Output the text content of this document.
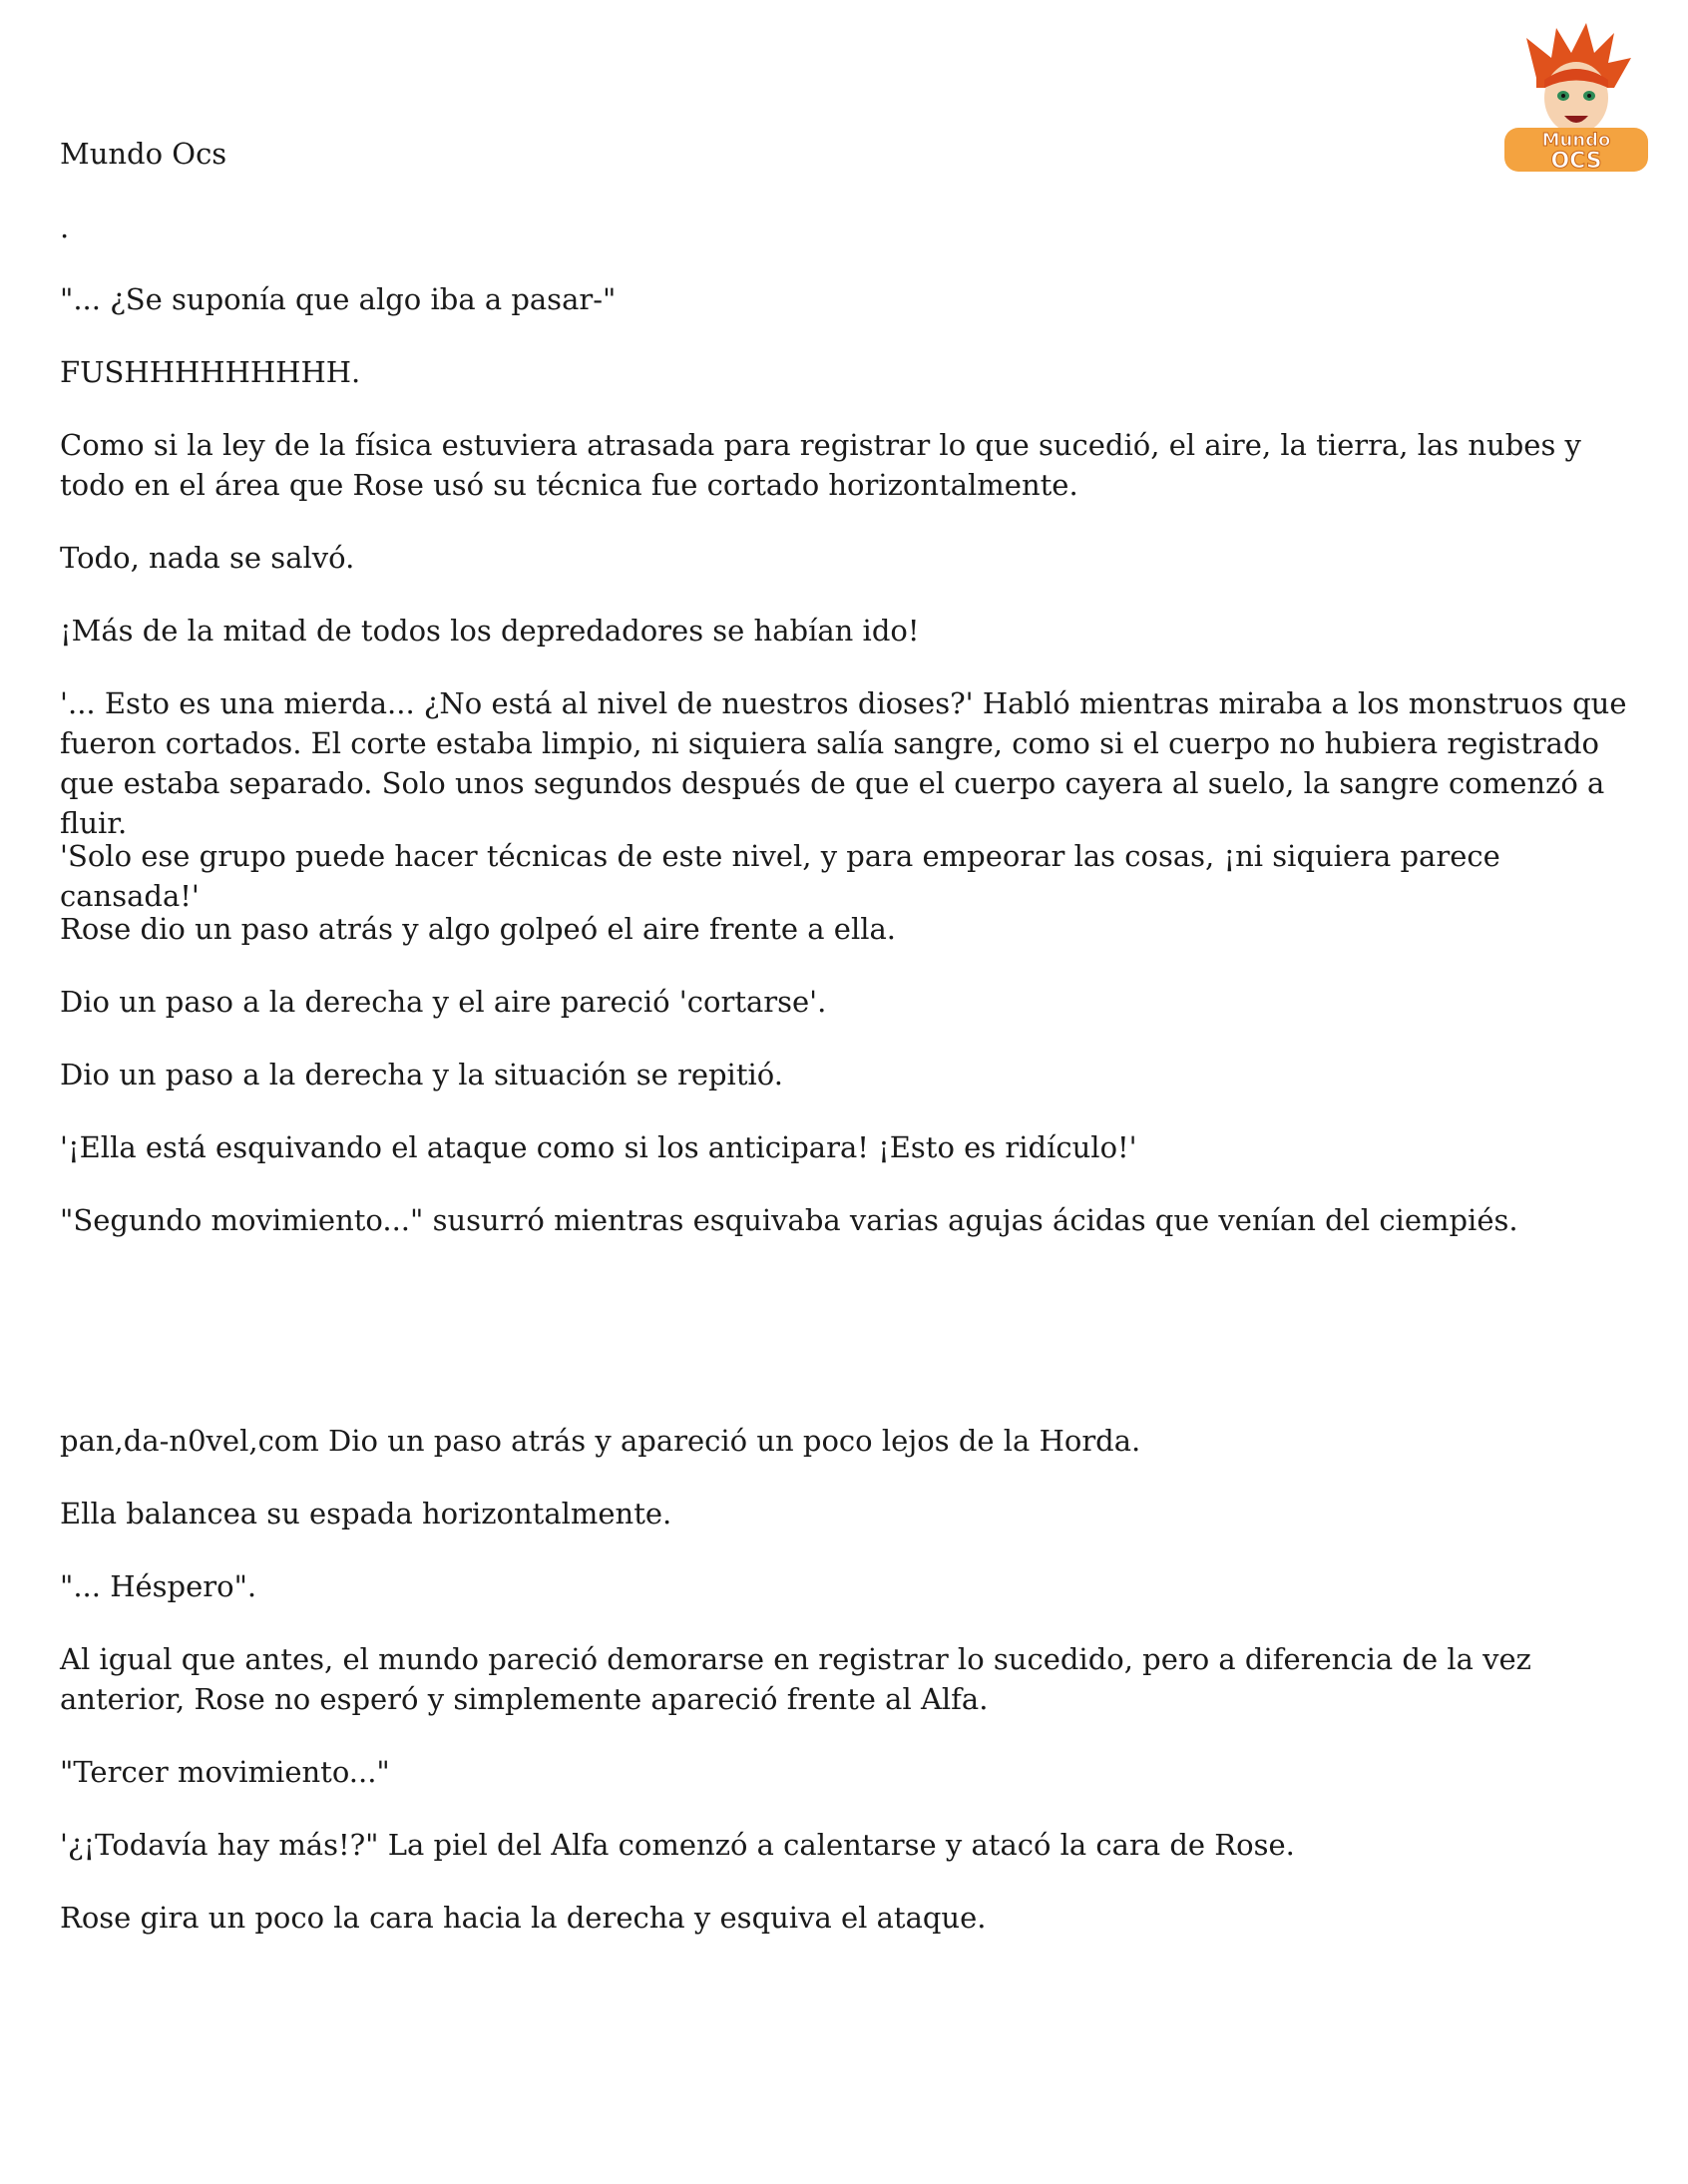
Mundo
OCS

Mundo Ocs

.

"... ¿Se suponía que algo iba a pasar-"

FUSHHHHHHHHH.

Como si la ley de la física estuviera atrasada para registrar lo que sucedió, el aire, la tierra, las nubes y todo en el área que Rose usó su técnica fue cortado horizontalmente.

Todo, nada se salvó.

¡Más de la mitad de todos los depredadores se habían ido!

'... Esto es una mierda... ¿No está al nivel de nuestros dioses?' Habló mientras miraba a los monstruos que fueron cortados. El corte estaba limpio, ni siquiera salía sangre, como si el cuerpo no hubiera registrado que estaba separado. Solo unos segundos después de que el cuerpo cayera al suelo, la sangre comenzó a fluir.

'Solo ese grupo puede hacer técnicas de este nivel, y para empeorar las cosas, ¡ni siquiera parece cansada!'

Rose dio un paso atrás y algo golpeó el aire frente a ella.

Dio un paso a la derecha y el aire pareció 'cortarse'.

Dio un paso a la derecha y la situación se repitió.

'¡Ella está esquivando el ataque como si los anticipara! ¡Esto es ridículo!'

"Segundo movimiento..." susurró mientras esquivaba varias agujas ácidas que venían del ciempiés.

pan,da-n0vel,com Dio un paso atrás y apareció un poco lejos de la Horda.

Ella balancea su espada horizontalmente.

"... Héspero".

Al igual que antes, el mundo pareció demorarse en registrar lo sucedido, pero a diferencia de la vez anterior, Rose no esperó y simplemente apareció frente al Alfa.

"Tercer movimiento..."

'¿¡Todavía hay más!?" La piel del Alfa comenzó a calentarse y atacó la cara de Rose.

Rose gira un poco la cara hacia la derecha y esquiva el ataque.
